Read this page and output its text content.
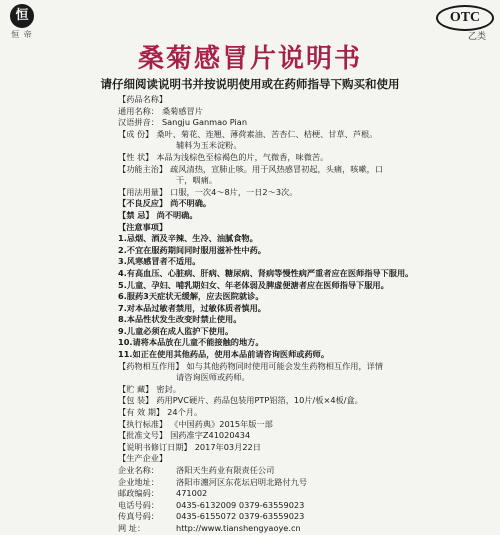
恒
恒 帝
OTC
乙类
桑菊感冒片说明书
请仔细阅读说明书并按说明使用或在药师指导下购买和使用
【药品名称】
通用名称： 桑菊感冒片
汉语拼音： Sangju Ganmao Pian
【成 份】 桑叶、菊花、连翘、薄荷素油、苦杏仁、桔梗、甘草、芦根。
辅料为玉米淀粉。
【性 状】 本品为浅棕色至棕褐色的片，气微香，味微苦。
【功能主治】 疏风清热，宣肺止咳。用于风热感冒初起，头痛，咳嗽，口
干，咽痛。
【用法用量】 口服，一次4～8片，一日2～3次。
【不良反应】 尚不明确。
【禁 忌】 尚不明确。
【注意事项】
1.忌烟、酒及辛辣、生冷、油腻食物。
2.不宜在服药期间同时服用滋补性中药。
3.风寒感冒者不适用。
4.有高血压、心脏病、肝病、糖尿病、肾病等慢性病严重者应在医师指导下服用。
5.儿童、孕妇、哺乳期妇女、年老体弱及脾虚便溏者应在医师指导下服用。
6.服药3天症状无缓解，应去医院就诊。
7.对本品过敏者禁用，过敏体质者慎用。
8.本品性状发生改变时禁止使用。
9.儿童必须在成人监护下使用。
10.请将本品放在儿童不能接触的地方。
11.如正在使用其他药品，使用本品前请咨询医师或药师。
【药物相互作用】 如与其他药物同时使用可能会发生药物相互作用，详情
请咨询医师或药师。
【贮 藏】 密封。
【包 装】 药用PVC硬片、药品包装用PTP铝箔，10片/板×4板/盒。
【有 效 期】 24个月。
【执行标准】 《中国药典》2015年版一部
【批准文号】 国药准字Z41020434
【说明书修订日期】 2017年03月22日
【生产企业】
企业名称：	洛阳天生药业有限责任公司
企业地址：	洛阳市瀍河区东花坛启明北路付九号
邮政编码：	471002
电话号码：	0435-6132009 0379-63559023
传真号码：	0435-6155072 0379-63559023
网 址：	http://www.tianshengyaoye.cn
